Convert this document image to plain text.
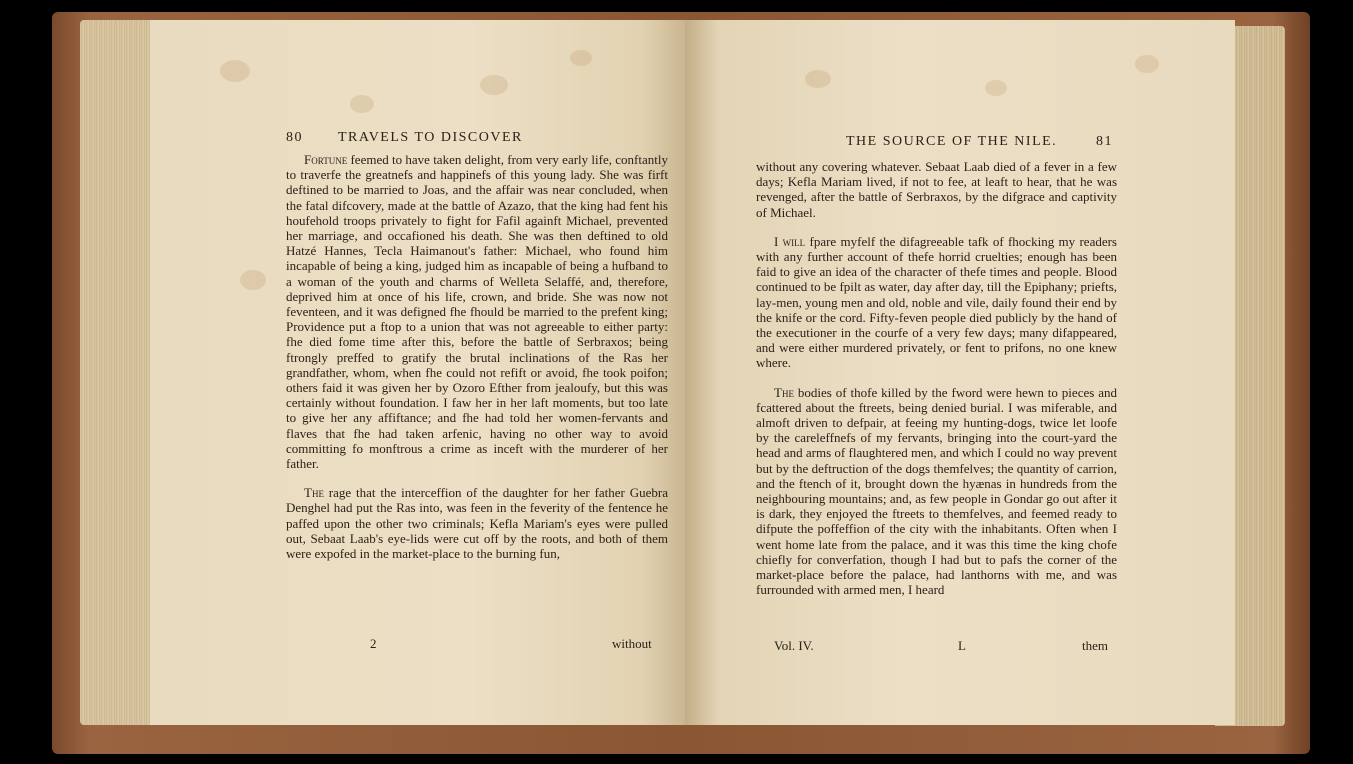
80	TRAVELS TO DISCOVER

Fortune feemed to have taken delight, from very early life, conftantly to traverfe the greatnefs and happinefs of this young lady. She was firft deftined to be married to Joas, and the affair was near concluded, when the fatal difcovery, made at the battle of Azazo, that the king had fent his houfehold troops privately to fight for Fafil againft Michael, prevented her marriage, and occafioned his death. She was then deftined to old Hatzé Hannes, Tecla Haimanout's father: Michael, who found him incapable of being a king, judged him as incapable of being a hufband to a woman of the youth and charms of Welleta Selaffé, and, therefore, deprived him at once of his life, crown, and bride. She was now not feventeen, and it was defigned fhe fhould be married to the prefent king; Providence put a ftop to a union that was not agreeable to either party: fhe died fome time after this, before the battle of Serbraxos; being ftrongly preffed to gratify the brutal inclinations of the Ras her grandfather, whom, when fhe could not refift or avoid, fhe took poifon; others faid it was given her by Ozoro Efther from jealoufy, but this was certainly without foundation. I faw her in her laft moments, but too late to give her any affiftance; and fhe had told her women-fervants and flaves that fhe had taken arfenic, having no other way to avoid committing fo monftrous a crime as inceft with the murderer of her father.

The rage that the interceffion of the daughter for her father Guebra Denghel had put the Ras into, was feen in the feverity of the fentence he paffed upon the other two criminals; Kefla Mariam's eyes were pulled out, Sebaat Laab's eye-lids were cut off by the roots, and both of them were expofed in the market-place to the burning fun,

2	without
THE SOURCE OF THE NILE.	81

without any covering whatever. Sebaat Laab died of a fever in a few days; Kefla Mariam lived, if not to fee, at leaft to hear, that he was revenged, after the battle of Serbraxos, by the difgrace and captivity of Michael.

I will fpare myfelf the difagreeable tafk of fhocking my readers with any further account of thefe horrid cruelties; enough has been faid to give an idea of the character of thefe times and people. Blood continued to be fpilt as water, day after day, till the Epiphany; priefts, lay-men, young men and old, noble and vile, daily found their end by the knife or the cord. Fifty-feven people died publicly by the hand of the executioner in the courfe of a very few days; many difappeared, and were either murdered privately, or fent to prifons, no one knew where.

The bodies of thofe killed by the fword were hewn to pieces and fcattered about the ftreets, being denied burial. I was miferable, and almoft driven to defpair, at feeing my hunting-dogs, twice let loofe by the careleffnefs of my fervants, bringing into the court-yard the head and arms of flaughtered men, and which I could no way prevent but by the deftruction of the dogs themfelves; the quantity of carrion, and the ftench of it, brought down the hyænas in hundreds from the neighbouring mountains; and, as few people in Gondar go out after it is dark, they enjoyed the ftreets to themfelves, and feemed ready to difpute the poffeffion of the city with the inhabitants. Often when I went home late from the palace, and it was this time the king chofe chiefly for converfation, though I had but to pafs the corner of the market-place before the palace, had lanthorns with me, and was furrounded with armed men, I heard

Vol. IV.	L	them
